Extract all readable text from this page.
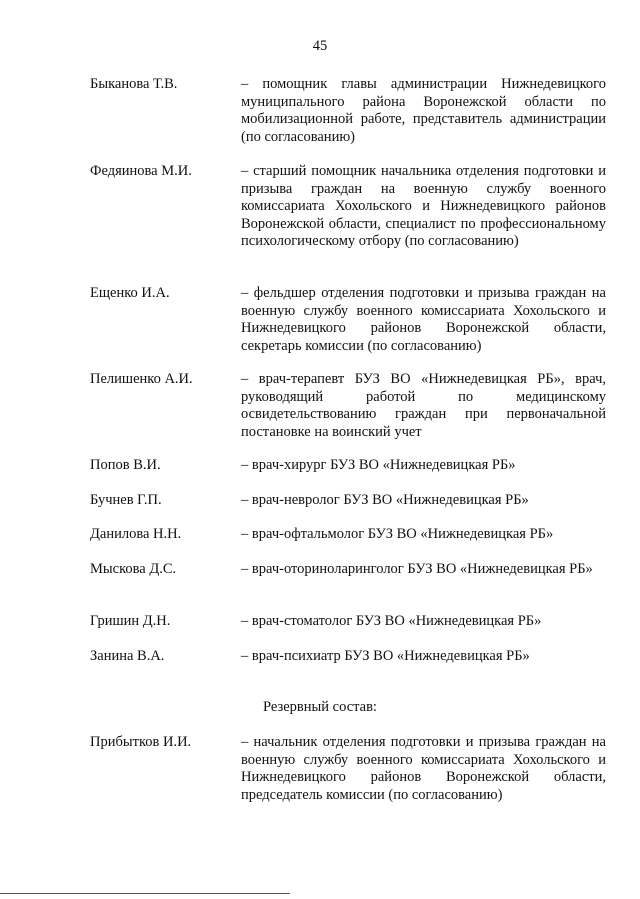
45
Быканова Т.В.	– помощник главы администрации Нижнедевицкого муниципального района Воронежской области по мобилизационной работе, представитель администрации (по согласованию)
Федяинова М.И.	– старший помощник начальника отделения подготовки и призыва граждан на военную службу военного комиссариата Хохольского и Нижнедевицкого районов Воронежской области, специалист по профессиональному психологическому отбору (по согласованию)
Ещенко И.А.	– фельдшер отделения подготовки и призыва граждан на военную службу военного комиссариата Хохольского и Нижнедевицкого районов Воронежской области, секретарь комиссии (по согласованию)
Пелишенко А.И.	– врач-терапевт БУЗ ВО «Нижнедевицкая РБ», врач, руководящий работой по медицинскому освидетельствованию граждан при первоначальной постановке на воинский учет
Попов В.И.	– врач-хирург БУЗ ВО «Нижнедевицкая РБ»
Бучнев Г.П.	– врач-невролог БУЗ ВО «Нижнедевицкая РБ»
Данилова Н.Н.	– врач-офтальмолог БУЗ ВО «Нижнедевицкая РБ»
Мыскова Д.С.	– врач-оториноларинголог БУЗ ВО «Нижнедевицкая РБ»
Гришин Д.Н.	– врач-стоматолог БУЗ ВО «Нижнедевицкая РБ»
Занина В.А.	– врач-психиатр БУЗ ВО «Нижнедевицкая РБ»
Резервный состав:
Прибытков И.И.	– начальник отделения подготовки и призыва граждан на военную службу военного комиссариата Хохольского и Нижнедевицкого районов Воронежской области, председатель комиссии (по согласованию)
